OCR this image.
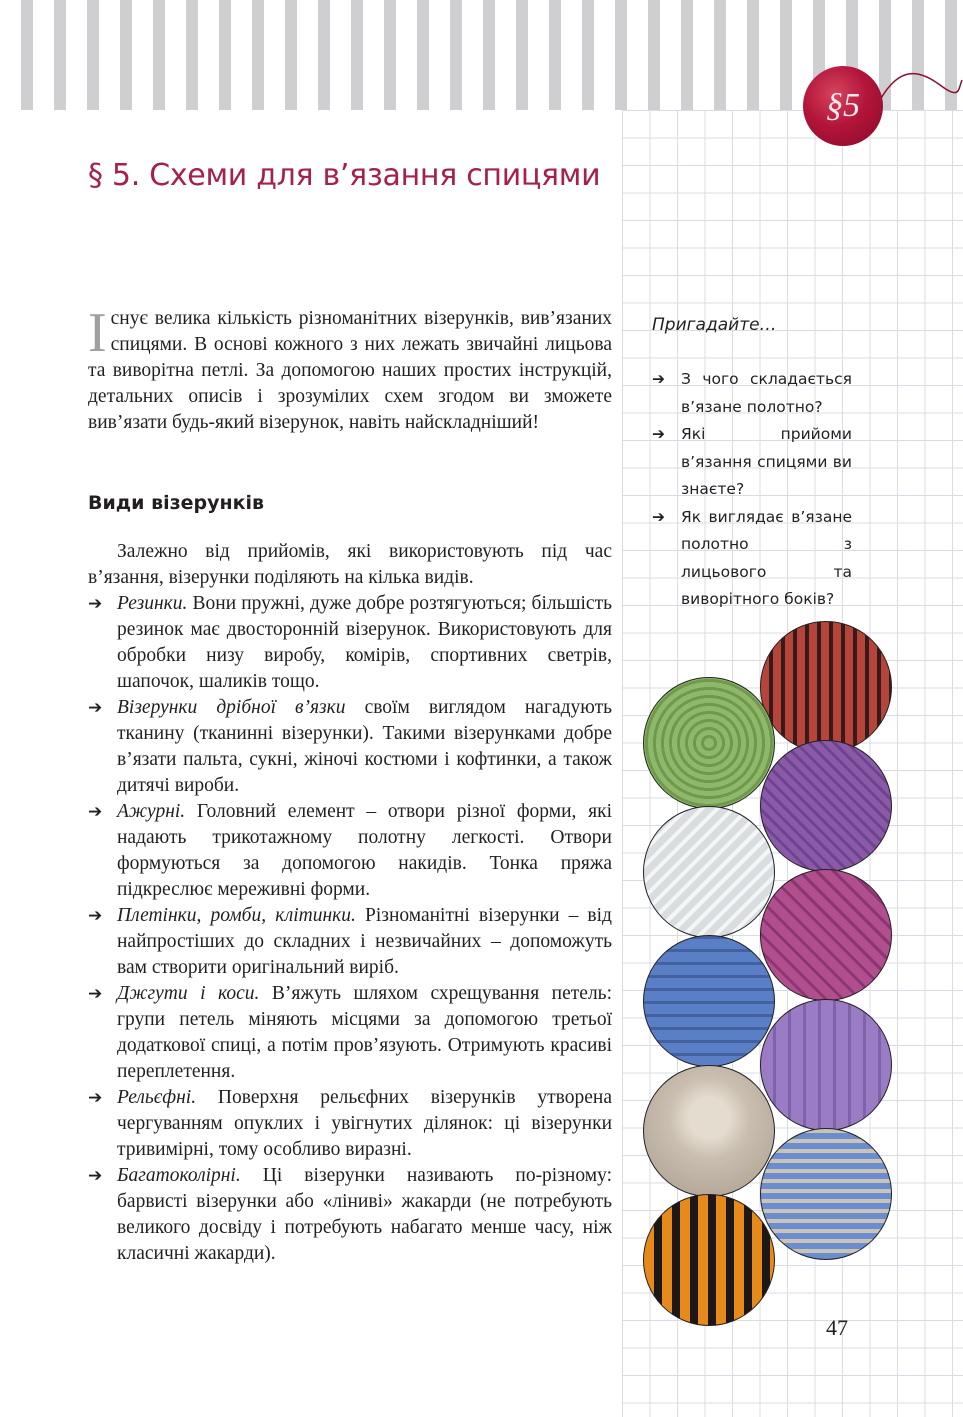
§5
§ 5. Схеми для в’язання спицями
Існує велика кількість різноманітних візерунків, вив’язаних спицями. В основі кожного з них лежать звичайні лицьова та виворітна петлі. За допомогою наших простих інструкцій, детальних описів і зрозумілих схем згодом ви зможете вив’язати будь-який візерунок, навіть найскладніший!
Види візерунків

Залежно від прийомів, які використовують під час в’язання, візерунки поділяють на кілька видів.

➔ Резинки. Вони пружні, дуже добре розтягуються; більшість резинок має двосторонній візерунок. Використовують для обробки низу виробу, комірів, спортивних светрів, шапочок, шаликів тощо.
➔ Візерунки дрібної в’язки своїм виглядом нагадують тканину (тканинні візерунки). Такими візерунками добре в’язати пальта, сукні, жіночі костюми і кофтинки, а також дитячі вироби.
➔ Ажурні. Головний елемент – отвори різної форми, які надають трикотажному полотну легкості. Отвори формуються за допомогою накидів. Тонка пряжа підкреслює мереживні форми.
➔ Плетінки, ромби, клітинки. Різноманітні візерунки – від найпростіших до складних і незвичайних – допоможуть вам створити оригінальний виріб.
➔ Джгути і коси. В’яжуть шляхом схрещування петель: групи петель міняють місцями за допомогою третьої додаткової спиці, а потім пров’язують. Отримують красиві переплетення.
➔ Рельєфні. Поверхня рельєфних візерунків утворена чергуванням опуклих і увігнутих ділянок: ці візерунки тривимірні, тому особливо виразні.
➔ Багатоколірні. Ці візерунки називають по-різному: барвисті візерунки або «ліниві» жакарди (не потребують великого досвіду і потребують набагато менше часу, ніж класичні жакарди).
Пригадайте…
➔ З чого складається в’язане полотно?
➔ Які прийоми в’язання спицями ви знаєте?
➔ Як виглядає в’язане полотно з лицьового та виворітного боків?
47
